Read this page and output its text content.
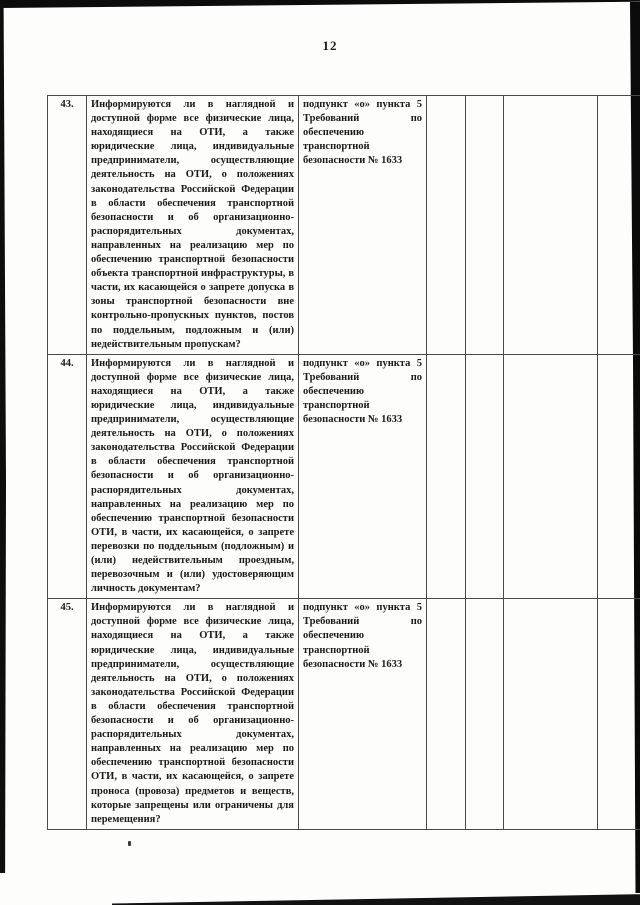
12
43.	Информируются ли в наглядной и доступной форме все физические лица, находящиеся на ОТИ, а также юридические лица, индивидуальные предприниматели, осуществляющие деятельность на ОТИ, о положениях законодательства Российской Федерации в области обеспечения транспортной безопасности и об организационно-распорядительных документах, направленных на реализацию мер по обеспечению транспортной безопасности объекта транспортной инфраструктуры, в части, их касающейся о запрете допуска в зоны транспортной безопасности вне контрольно-пропускных пунктов, постов по поддельным, подложным и (или) недействительным пропускам?	подпункт «о» пункта 5 Требований по обеспечению транспортной безопасности № 1633				
44.	Информируются ли в наглядной и доступной форме все физические лица, находящиеся на ОТИ, а также юридические лица, индивидуальные предприниматели, осуществляющие деятельность на ОТИ, о положениях законодательства Российской Федерации в области обеспечения транспортной безопасности и об организационно-распорядительных документах, направленных на реализацию мер по обеспечению транспортной безопасности ОТИ, в части, их касающейся, о запрете перевозки по поддельным (подложным) и (или) недействительным проездным, перевозочным и (или) удостоверяющим личность документам?	подпункт «о» пункта 5 Требований по обеспечению транспортной безопасности № 1633				
45.	Информируются ли в наглядной и доступной форме все физические лица, находящиеся на ОТИ, а также юридические лица, индивидуальные предприниматели, осуществляющие деятельность на ОТИ, о положениях законодательства Российской Федерации в области обеспечения транспортной безопасности и об организационно-распорядительных документах, направленных на реализацию мер по обеспечению транспортной безопасности ОТИ, в части, их касающейся, о запрете проноса (провоза) предметов и веществ, которые запрещены или ограничены для перемещения?	подпункт «о» пункта 5 Требований по обеспечению транспортной безопасности № 1633				
